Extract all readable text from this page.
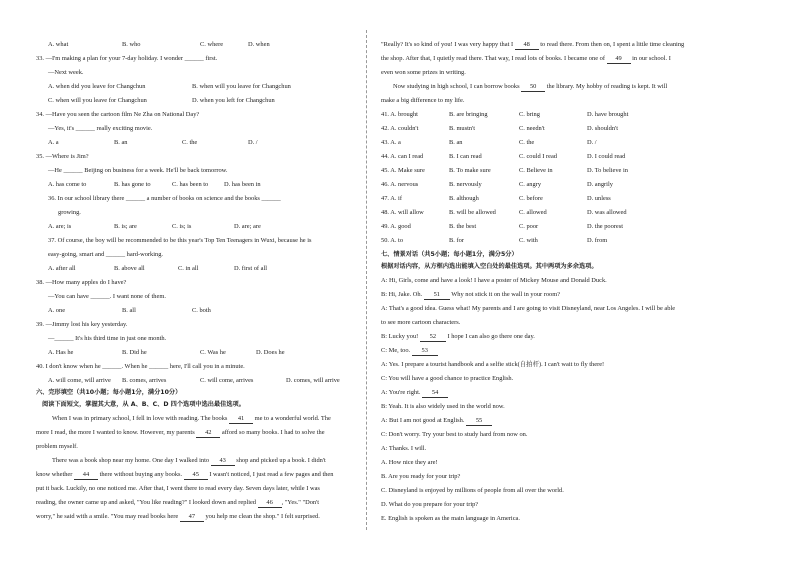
A. what	B. who	C. where	D. when
33. —I'm making a plan for your 7-day holiday. I wonder ______ first.
—Next week.
A. when did you leave for Changchun	B. when will you leave for Changchun
C. when will you leave for Changchun	D. when you left for Changchun
34. —Have you seen the cartoon film Ne Zha on National Day?
—Yes, it's ______ really exciting movie.
A. a	B. an	C. the	D. /
35. —Where is Jim?
—He ______ Beijing on business for a week. He'll be back tomorrow.
A. has come to	B. has gone to	C. has been to D. has been in
36. In our school library there ______ a number of books on science and the books ______
growing.
A. are; is	B. is; are	C. is; is	D. are; are
37. Of course, the boy will be recommended to be this year's Top Ten Teenagers in Wuxi, because he is
easy-going, smart and ______ hard-working.
A. after all	B. above all	C. in all	D. first of all
38. —How many apples do I have?
—You can have ______. I want none of them.
A. one	B. all	C. both
39. —Jimmy lost his key yesterday.
—______ It's his third time in just one month.
A. Has he	B. Did he	C. Was he	D. Does he
40. I don't know when he ______. When he ______ here, I'll call you in a minute.
A. will come, will arrive B. comes, arrives	C. will come, arrives	D. comes, will arrive
六、完形填空（共10小题；每小题1分，满分10分）
阅读下面短文，掌握其大意，从 A、B、C、D 四个选项中选出最佳选项。
When I was in primary school, I fell in love with reading. The books 41 me to a wonderful world. The
more I read, the more I wanted to know. However, my parents 42 afford so many books. I had to solve the
problem myself.
There was a book shop near my home. One day I walked into 43 shop and picked up a book. I didn't
know whether 44 there without buying any books. 45 I wasn't noticed, I just read a few pages and then
put it back. Luckily, no one noticed me. After that, I went there to read every day. Seven days later, while I was
reading, the owner came up and asked, "You like reading?" I looked down and replied 46 , "Yes." "Don't
worry," he said with a smile. "You may read books here 47 you help me clean the shop." I felt surprised.
"Really? It's so kind of you! I was very happy that I 48 to read there. From then on, I spent a little time cleaning
the shop. After that, I quietly read there. That way, I read lots of books. I became one of 49 in our school. I
even won some prizes in writing.
Now studying in high school, I can borrow books 50 the library. My hobby of reading is kept. It will
make a big difference to my life.
41. A. brought	B. are bringing	C. bring	D. have brought
42. A. couldn't	B. mustn't	C. needn't	D. shouldn't
43. A. a	B. an	C. the	D. /
44. A. can I read	B. I can read	C. could I read	D. I could read
45. A. Make sure	B. To make sure	C. Believe in	D. To believe in
46. A. nervous	B. nervously	C. angry	D. angrily
47. A. if	B. although	C. before	D. unless
48. A. will allow	B. will be allowed	C. allowed	D. was allowed
49. A. good	B. the best	C. poor	D. the poorest
50. A. to	B. for	C. with	D. from
七、情景对话（共5小题；每小题1分，满分5分）
根据对话内容，从方框内选出能填入空白处的最佳选项。其中两项为多余选项。
A: Hi, Girls, come and have a look! I have a poster of Mickey Mouse and Donald Duck.
B: Hi, Jake. Oh. 51 Why not stick it on the wall in your room?
A: That's a good idea. Guess what! My parents and I are going to visit Disneyland, near Los Angeles. I will be able
to see more cartoon characters.
B: Lucky you! 52 I hope I can also go there one day.
C: Me, too. 53
A: Yes. I prepare a tourist handbook and a selfie stick(自拍杆). I can't wait to fly there!
C: You will have a good chance to practice English.
A: You're right. 54
B: Yeah. It is also widely used in the world now.
A: But I am not good at English. 55
C: Don't worry. Try your best to study hard from now on.
A: Thanks. I will.
A. How nice they are!
B. Are you ready for your trip?
C. Disneyland is enjoyed by millions of people from all over the world.
D. What do you prepare for your trip?
E. English is spoken as the main language in America.
